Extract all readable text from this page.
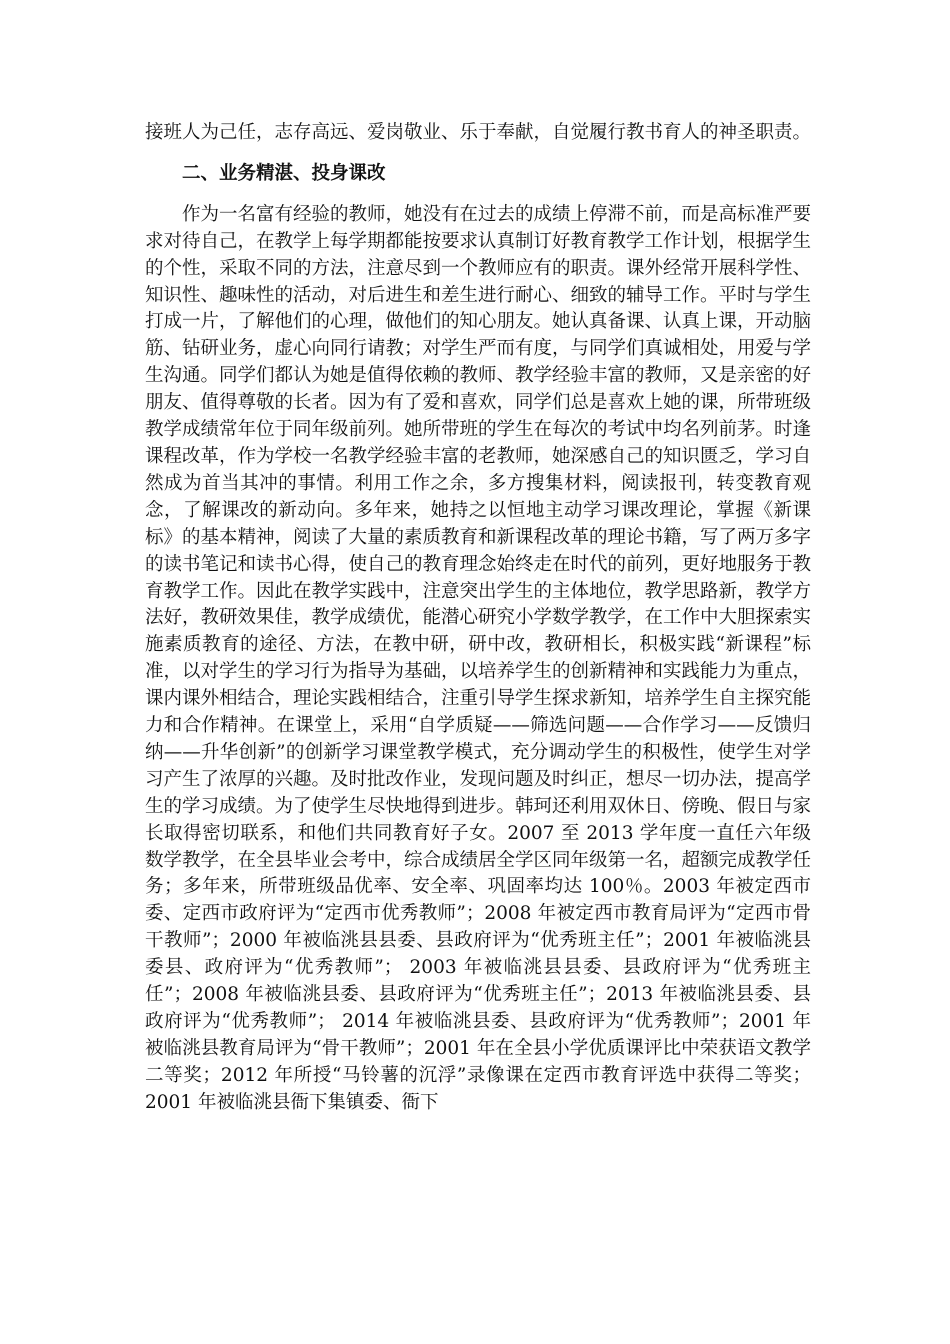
接班人为己任，志存高远、爱岗敬业、乐于奉献，自觉履行教书育人的神圣职责。

二、业务精湛、投身课改

作为一名富有经验的教师，她没有在过去的成绩上停滞不前，而是高标准严要求对待自己，在教学上每学期都能按要求认真制订好教育教学工作计划，根据学生的个性，采取不同的方法，注意尽到一个教师应有的职责。课外经常开展科学性、知识性、趣味性的活动，对后进生和差生进行耐心、细致的辅导工作。平时与学生打成一片，了解他们的心理，做他们的知心朋友。她认真备课、认真上课，开动脑筋、钻研业务，虚心向同行请教；对学生严而有度，与同学们真诚相处，用爱与学生沟通。同学们都认为她是值得依赖的教师、教学经验丰富的教师，又是亲密的好朋友、值得尊敬的长者。因为有了爱和喜欢，同学们总是喜欢上她的课，所带班级教学成绩常年位于同年级前列。她所带班的学生在每次的考试中均名列前茅。时逢课程改革，作为学校一名教学经验丰富的老教师，她深感自己的知识匮乏，学习自然成为首当其冲的事情。利用工作之余，多方搜集材料，阅读报刊，转变教育观念，了解课改的新动向。多年来，她持之以恒地主动学习课改理论，掌握《新课标》的基本精神，阅读了大量的素质教育和新课程改革的理论书籍，写了两万多字的读书笔记和读书心得，使自己的教育理念始终走在时代的前列，更好地服务于教育教学工作。因此在教学实践中，注意突出学生的主体地位，教学思路新，教学方法好，教研效果佳，教学成绩优，能潜心研究小学数学教学，在工作中大胆探索实施素质教育的途径、方法，在教中研，研中改，教研相长，积极实践“新课程”标准，以对学生的学习行为指导为基础，以培养学生的创新精神和实践能力为重点，课内课外相结合，理论实践相结合，注重引导学生探求新知，培养学生自主探究能力和合作精神。在课堂上，采用“自学质疑——筛选问题——合作学习——反馈归纳——升华创新”的创新学习课堂教学模式，充分调动学生的积极性，使学生对学习产生了浓厚的兴趣。及时批改作业，发现问题及时纠正，想尽一切办法，提高学生的学习成绩。为了使学生尽快地得到进步。韩珂还利用双休日、傍晚、假日与家长取得密切联系，和他们共同教育好子女。2007 至 2013 学年度一直任六年级数学教学，在全县毕业会考中，综合成绩居全学区同年级第一名，超额完成教学任务；多年来，所带班级品优率、安全率、巩固率均达 100％。2003 年被定西市委、定西市政府评为“定西市优秀教师”；2008 年被定西市教育局评为“定西市骨干教师”；2000 年被临洮县县委、县政府评为“优秀班主任”；2001 年被临洮县委县、政府评为“优秀教师”； 2003 年被临洮县县委、县政府评为“优秀班主任”；2008 年被临洮县委、县政府评为“优秀班主任”；2013 年被临洮县委、县政府评为“优秀教师”； 2014 年被临洮县委、县政府评为“优秀教师”；2001 年被临洮县教育局评为“骨干教师”；2001 年在全县小学优质课评比中荣获语文教学二等奖；2012 年所授“马铃薯的沉浮”录像课在定西市教育评选中获得二等奖；2001 年被临洮县衙下集镇委、衙下
